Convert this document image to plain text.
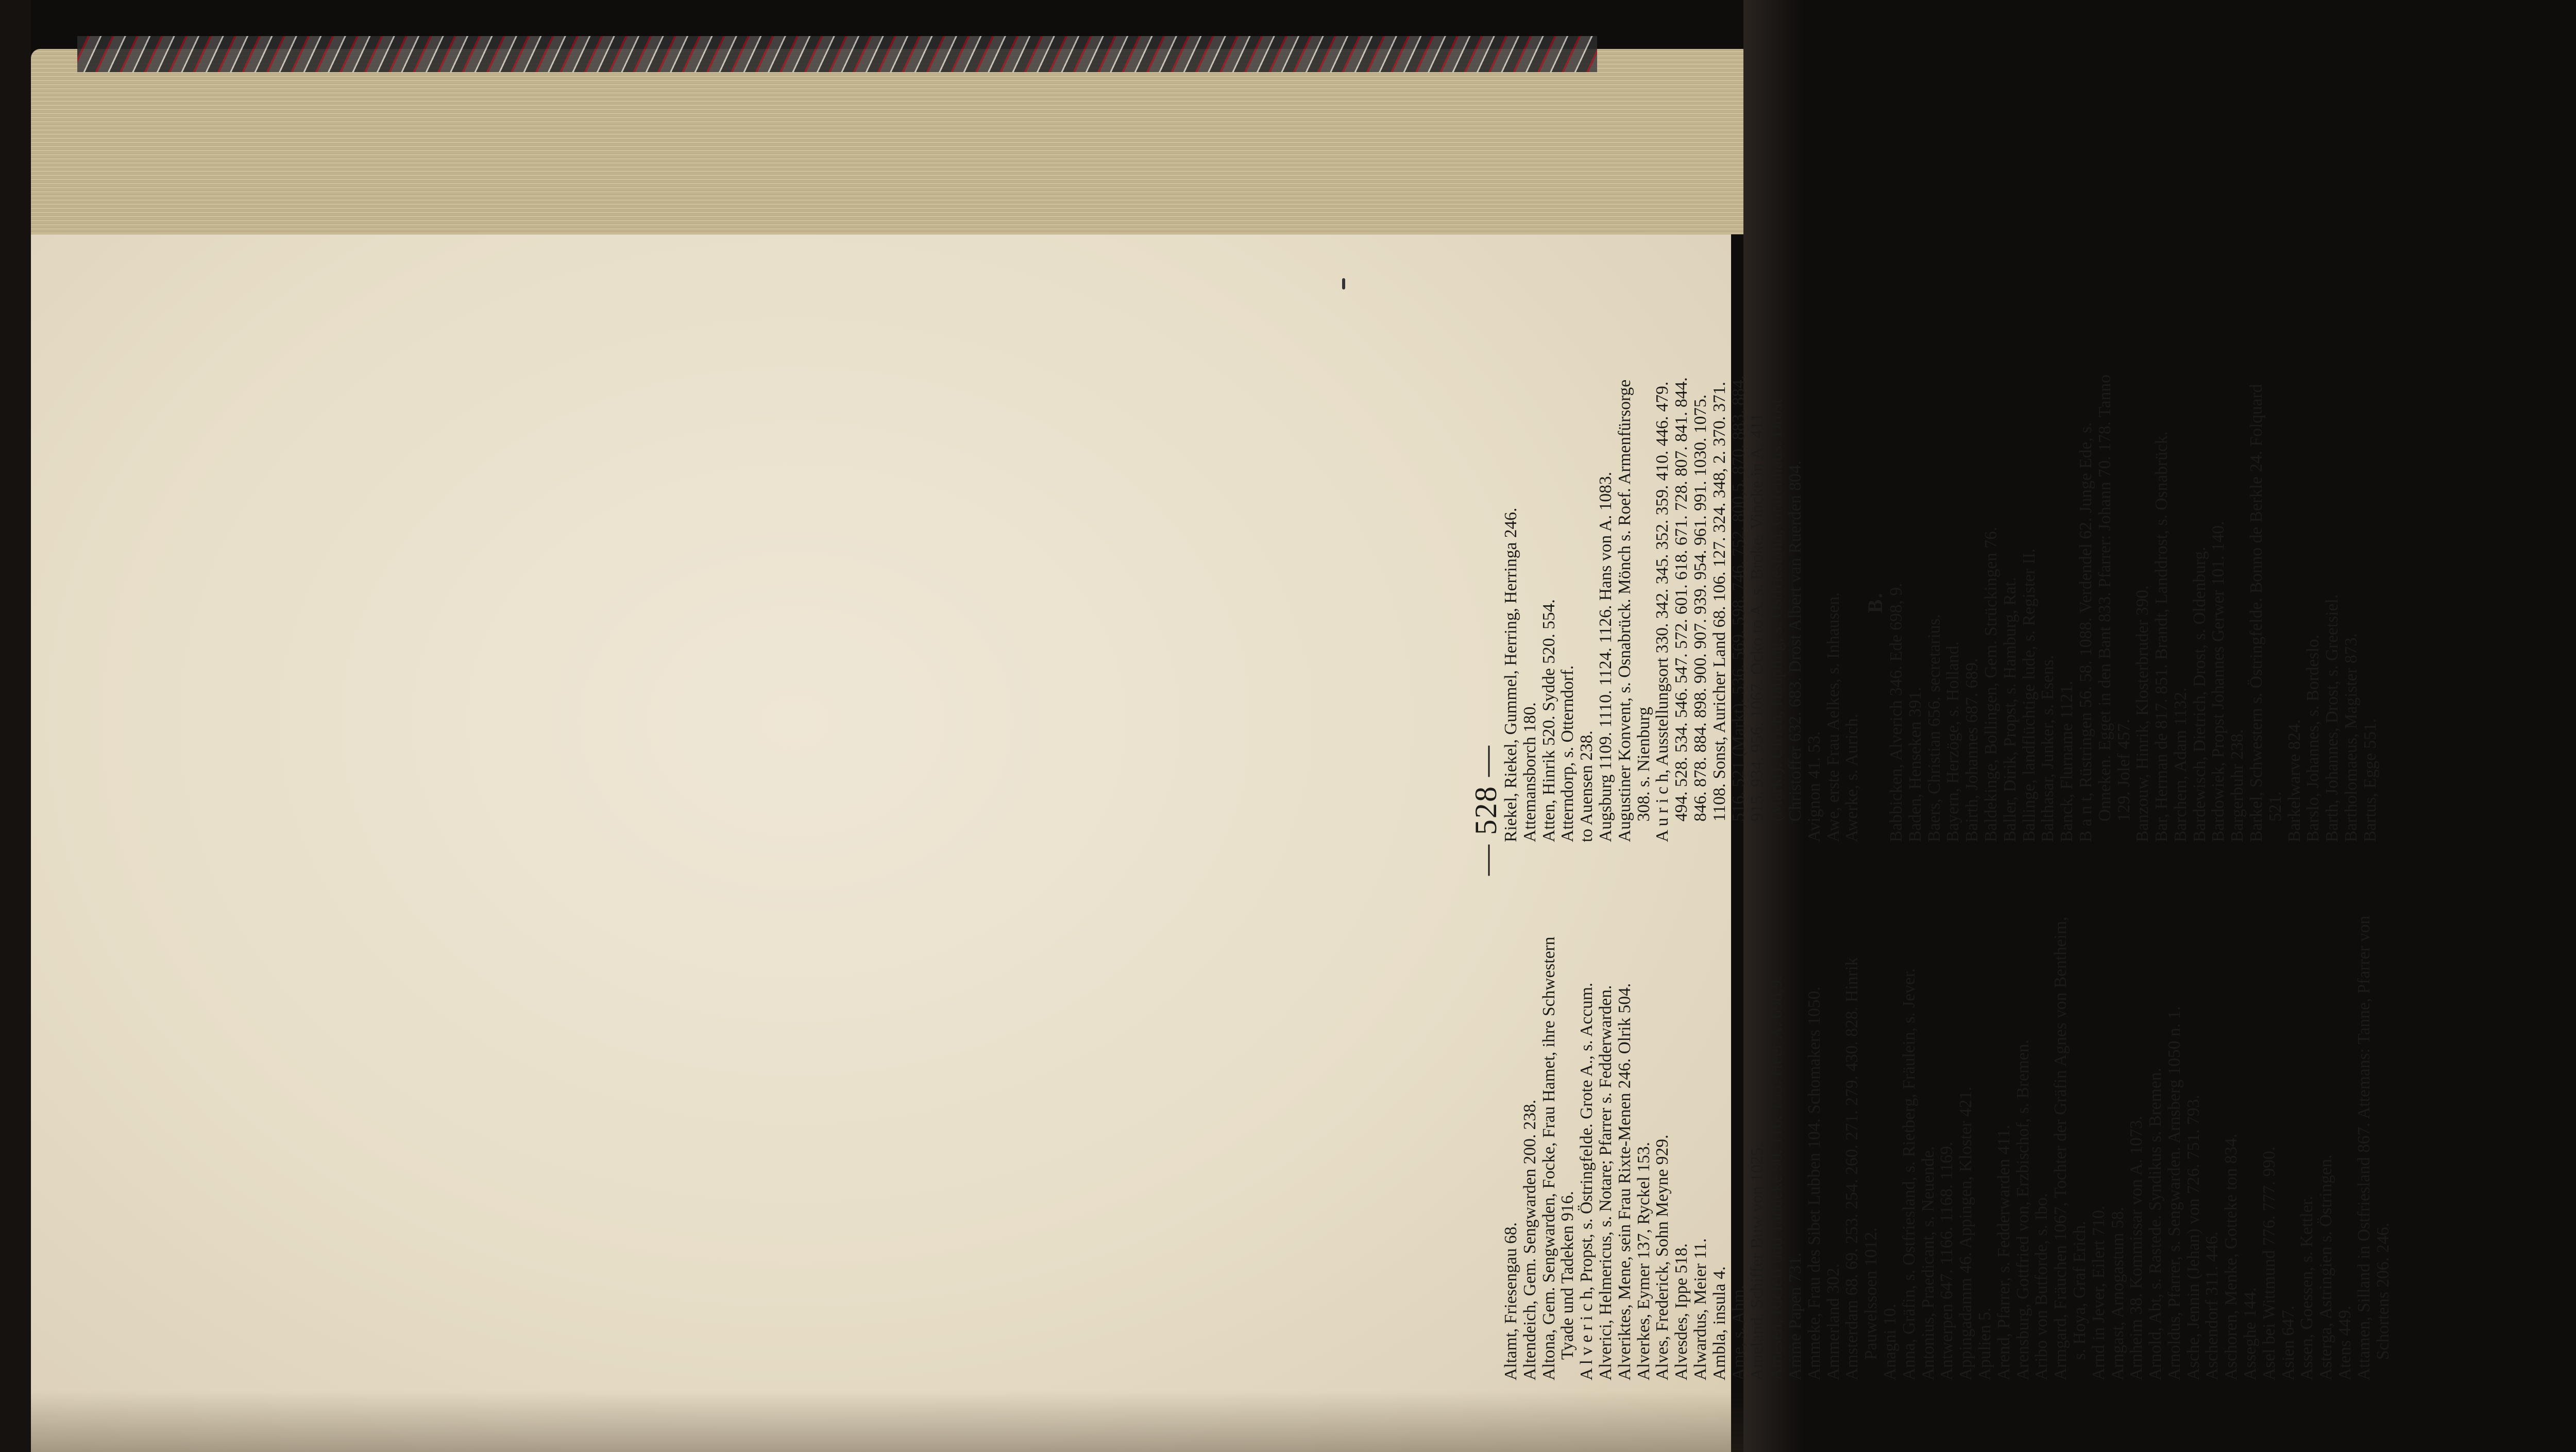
— 528 —

Altamt, Friesengau 68. Altendeich, Gem. Sengwarden 200. 238. Altona, Gem. Sengwarden, Focke, Frau Hamet, ihre Schwestern Tyade und Tadeken 916. A l v e r i c h, Propst, s. Östringfelde. Grote A., s. Accum. Alverici, Helmericus, s. Notare; Pfarrer s. Fedderwarden. Alveriktes, Mene, sein Frau Rixte-Menen 246. Olrik 504. Alverkes, Eymer 137, Ryckel 153. Alves, Frederick, Sohn Meyne 929. Alvesdes, Ippe 518. Alwardus, Meier 11. Ambla, insula 4. Ame, s. Ahm. Ameland, Schiffer Buw von 1025. Amesen, Ricleff und Taddeke 90. 116. 153. Heer A. 698,9. Amme Papen 731. Ammeke, Frau des Sibet Lubben 104. Schomakers 1050. Ammerland 302. Amsterdam 68. 69. 253. 254. 260. 271. 279. 430. 828. Hinrik Pauwelssoen 1012. Anagni 10. Anna, Gräfin, s. Ostfriesland, s. Rietberg, Fräulein, s. Jever. Antonius, Praedicant, s. Neuende. Antwerpen 647. 1166. 1168. 1169. Appingadamm 46. Appingen, Kloster 421. Apulien 5. Arend, Pfarrer, s. Fedderwarden 411. Arensburg, Gottfried von, Erzbischof, s. Bremen. Aribo von Butforde, s. Ibo. Armgard, Fräuchen 1067, Tochter der Gräfin Agnes von Bentheim, s. Hoya, Graf Erich. Arnd in Jever, Eilert 710. Arngast, Arnogastum 58. Arnheim 38. Kommissar von A. 1073. Arnold, Abt, s. Rastede. Syndikus s. Bremen. Arnoldus, Pfarrer, s. Sengwarden. Arnsberg 1050 n. 1. Asche, Jennin (Jehan) von 726. 751. 793. Aschendorf 311. 446. Aschoren, Menke, Gotteke ton 834. Asseghe 144. Asel bei Wittmund 776. 777. 990. Asien 647. Assen, Goessen, s. Kettler. Asterga, Astringien s. Östringen. Atens 449. Attamen, Silland in Ostfriesland 867. Attemans: Tanne, Pfarrer von Schortens 206. 246.

Riekel, Riekel, Gummel, Herring, Herringa 246. Attemansborch 180. Atten, Hinrik 520. Sydde 520. 554. Atterndorp, s. Otterndorf. to Auensen 238. Augsburg 1109. 1110. 1124. 1126. Hans von A. 1083. Augustiner Konvent, s. Osnabrück. Mönch s. Roef. Armenfürsorge 308. s. Nienburg A u r i c h, Ausstellungsort 330. 342. 345. 352. 359. 410. 446. 479. 494. 528. 534. 546. 547. 572. 601. 618. 671. 728. 807. 841. 844. 846. 878. 884. 898. 900. 907. 939. 954. 961. 991. 1030. 1075. 1108. Sonst, Auricher Land 68. 106. 127. 324. 348, 2. 370. 371. 516. 521 (Markt). 536. 569. 598. 746. 752. 800,5. 870. 883. 884. 915. 934. 956. 1067. Ocko to A. s. Broke. Vincke in A. 411 (Markt). Ulrich, Häupling, s. Ostfriesland, Grafenhaus. Drost Christoffer 632. 683. Drost Albert van Ruerden 804. Avignon 41. 53. Awe, erste Frau Aelkes, s. Inhausen. Awerke, s. Aurich.

B. Babbicken, Alverich 346. Ede 698, 9. Baden, Henseken 391. Baers, Christian 656. secretarius. Bayern, Herzöge, s. Holland. Bairth, Johannes 687. 689. Baldekinge, Bollingen, Gem. Strückingen 76. Baller, Dirik, Propst, s. Hamburg, Rat. Ballinge, landflüchtige lude, s. Register II. Balthasar, Junker, s. Esens. Banck, Flurname 1121. B a n t, Rüstringen 56. 58. 1088. Verdendel 62. Junge Ede, s. Onneken. Egget in den Bant 833. Pfarrer: Johann 70. 178. Tanno 129. Jolef 457. Banzouw, Hinrik, Klosterbruder 390. Bar, Herman de 817. 851. Brandt, Landdrost, s. Osnabrück. Barchem, Adam 1132. Bardewisch, Dietrich, Drost, s. Oldenburg. Bardowiek, Propst Johannes Gerwer 101. 140. Bargerbuhr 238. Barkel, Schwestern s. Östringfelde. Bonno de Berkle 24. Folquard 521. Barkelwarve 824. Barslo, Johannes, s. Bordeslo. Barth, Johannes, Drost, s. Greetsiel. Bartholomaeus, Magister 873. Bartus, Egge 551.
